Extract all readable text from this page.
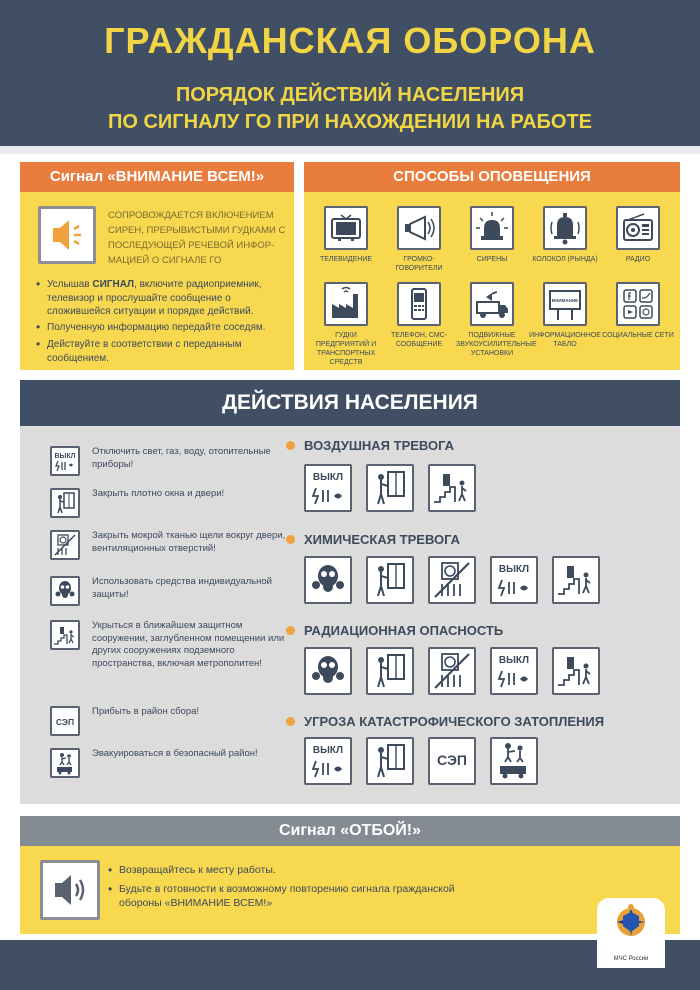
ГРАЖДАНСКАЯ ОБОРОНА
ПОРЯДОК ДЕЙСТВИЙ НАСЕЛЕНИЯ
ПО СИГНАЛУ ГО ПРИ НАХОЖДЕНИИ НА РАБОТЕ
Сигнал «ВНИМАНИЕ ВСЕМ!»
СОПРОВОЖДАЕТСЯ ВКЛЮЧЕНИЕМ СИРЕН, ПРЕРЫВИСТЫМИ ГУДКАМИ С ПОСЛЕДУЮЩЕЙ РЕЧЕВОЙ ИНФОРМАЦИЕЙ О СИГНАЛЕ ГО
• Услышав СИГНАЛ, включите радиоприемник, телевизор и прослушайте сообщение о сложившейся ситуации и порядке действий.
• Полученную информацию передайте соседям.
• Действуйте в соответствии с переданным сообщением.
СПОСОБЫ ОПОВЕЩЕНИЯ
ТЕЛЕВИДЕНИЕ	ГРОМКО-ГОВОРИТЕЛИ
СИРЕНЫ	КОЛОКОЛ (РЫНДА)	РАДИО
ГУДКИ ПРЕДПРИЯТИЙ И ТРАНСПОРТНЫХ СРЕДСТВ
ТЕЛЕФОН, СМС-СООБЩЕНИЕ
ПОДВИЖНЫЕ ЗВУКОУСИЛИТЕЛЬНЫЕ УСТАНОВКИ
ВНИМАНИЕ
ИНФОРМАЦИОННОЕ ТАБЛО
СОЦИАЛЬНЫЕ СЕТИ
ДЕЙСТВИЯ НАСЕЛЕНИЯ
ВЫКЛ Отключить свет, газ, воду, отопительные приборы!
Закрыть плотно окна и двери!
Закрыть мокрой тканью щели вокруг двери, вентиляционных отверстий!
Использовать средства индивидуальной защиты!
Укрыться в ближайшем защитном сооружении, заглубленном помещении или других сооружениях подземного пространства, включая метрополитен!
СЭП
Прибыть в район сбора!
Эвакуироваться в безопасный район!
ВОЗДУШНАЯ ТРЕВОГА
ВЫКЛ
ХИМИЧЕСКАЯ ТРЕВОГА
ВЫКЛ
РАДИАЦИОННАЯ ОПАСНОСТЬ
ВЫКЛ
УГРОЗА КАТАСТРОФИЧЕСКОГО ЗАТОПЛЕНИЯ
ВЫКЛ
СЭП
Сигнал «ОТБОЙ!»
• Возвращайтесь к месту работы.
• Будьте в готовности к возможному повторению сигнала гражданской обороны «ВНИМАНИЕ ВСЕМ!»
МЧС России
